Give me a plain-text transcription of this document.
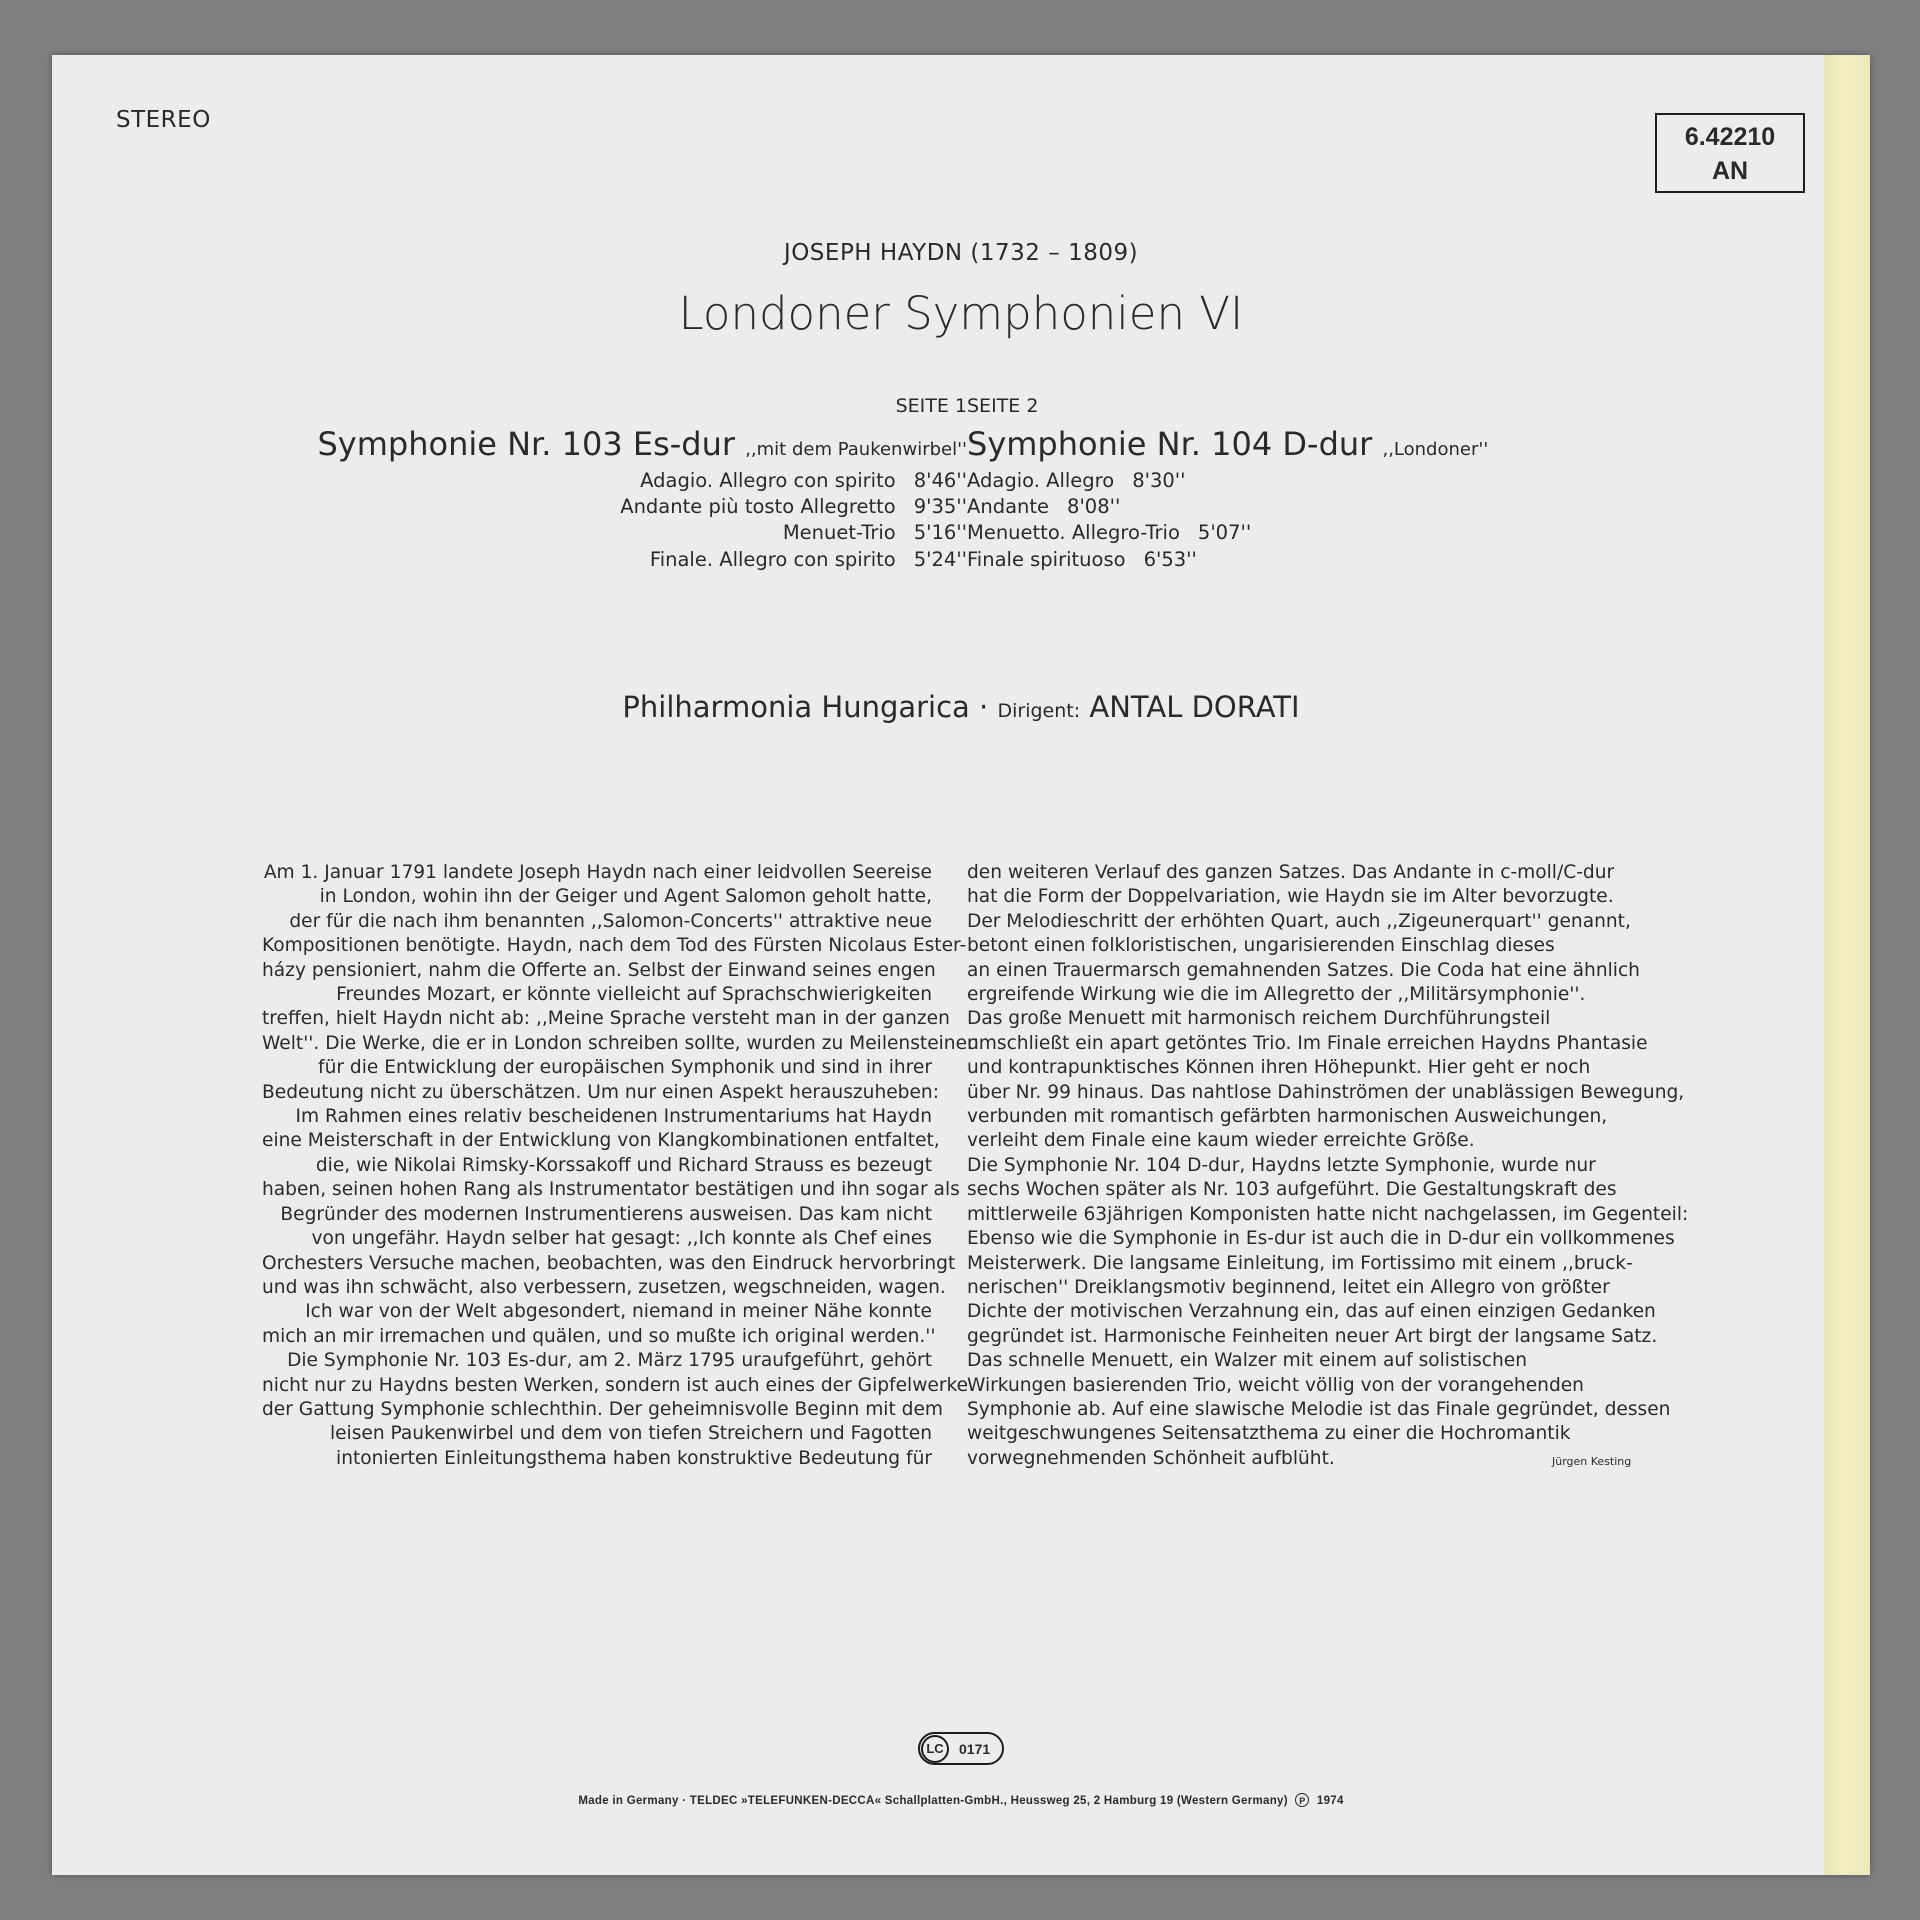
STEREO
6.42210
AN
JOSEPH HAYDN (1732 – 1809)
Londoner Symphonien VI
SEITE 1 SEITE 2
Symphonie Nr. 103 Es-dur ,,mit dem Paukenwirbel'' Symphonie Nr. 104 D-dur ,,Londoner''
Adagio. Allegro con spirito 8'46''
Andante più tosto Allegretto 9'35''
Menuet-Trio 5'16''
Finale. Allegro con spirito 5'24''
Adagio. Allegro 8'30''
Andante 8'08''
Menuetto. Allegro-Trio 5'07''
Finale spirituoso 6'53''
Philharmonia Hungarica · Dirigent: ANTAL DORATI
Am 1. Januar 1791 landete Joseph Haydn nach einer leidvollen Seereise
in London, wohin ihn der Geiger und Agent Salomon geholt hatte,
der für die nach ihm benannten ,,Salomon-Concerts'' attraktive neue
Kompositionen benötigte. Haydn, nach dem Tod des Fürsten Nicolaus Ester-
házy pensioniert, nahm die Offerte an. Selbst der Einwand seines engen
Freundes Mozart, er könnte vielleicht auf Sprachschwierigkeiten
treffen, hielt Haydn nicht ab: ,,Meine Sprache versteht man in der ganzen
Welt''. Die Werke, die er in London schreiben sollte, wurden zu Meilensteinen
für die Entwicklung der europäischen Symphonik und sind in ihrer
Bedeutung nicht zu überschätzen. Um nur einen Aspekt herauszuheben:
Im Rahmen eines relativ bescheidenen Instrumentariums hat Haydn
eine Meisterschaft in der Entwicklung von Klangkombinationen entfaltet,
die, wie Nikolai Rimsky-Korssakoff und Richard Strauss es bezeugt
haben, seinen hohen Rang als Instrumentator bestätigen und ihn sogar als
Begründer des modernen Instrumentierens ausweisen. Das kam nicht
von ungefähr. Haydn selber hat gesagt: ,,Ich konnte als Chef eines
Orchesters Versuche machen, beobachten, was den Eindruck hervorbringt
und was ihn schwächt, also verbessern, zusetzen, wegschneiden, wagen.
Ich war von der Welt abgesondert, niemand in meiner Nähe konnte
mich an mir irremachen und quälen, und so mußte ich original werden.''
Die Symphonie Nr. 103 Es-dur, am 2. März 1795 uraufgeführt, gehört
nicht nur zu Haydns besten Werken, sondern ist auch eines der Gipfelwerke
der Gattung Symphonie schlechthin. Der geheimnisvolle Beginn mit dem
leisen Paukenwirbel und dem von tiefen Streichern und Fagotten
intonierten Einleitungsthema haben konstruktive Bedeutung für
den weiteren Verlauf des ganzen Satzes. Das Andante in c-moll/C-dur
hat die Form der Doppelvariation, wie Haydn sie im Alter bevorzugte.
Der Melodieschritt der erhöhten Quart, auch ,,Zigeunerquart'' genannt,
betont einen folkloristischen, ungarisierenden Einschlag dieses
an einen Trauermarsch gemahnenden Satzes. Die Coda hat eine ähnlich
ergreifende Wirkung wie die im Allegretto der ,,Militärsymphonie''.
Das große Menuett mit harmonisch reichem Durchführungsteil
umschließt ein apart getöntes Trio. Im Finale erreichen Haydns Phantasie
und kontrapunktisches Können ihren Höhepunkt. Hier geht er noch
über Nr. 99 hinaus. Das nahtlose Dahinströmen der unablässigen Bewegung,
verbunden mit romantisch gefärbten harmonischen Ausweichungen,
verleiht dem Finale eine kaum wieder erreichte Größe.
Die Symphonie Nr. 104 D-dur, Haydns letzte Symphonie, wurde nur
sechs Wochen später als Nr. 103 aufgeführt. Die Gestaltungskraft des
mittlerweile 63jährigen Komponisten hatte nicht nachgelassen, im Gegenteil:
Ebenso wie die Symphonie in Es-dur ist auch die in D-dur ein vollkommenes
Meisterwerk. Die langsame Einleitung, im Fortissimo mit einem ,,bruck-
nerischen'' Dreiklangsmotiv beginnend, leitet ein Allegro von größter
Dichte der motivischen Verzahnung ein, das auf einen einzigen Gedanken
gegründet ist. Harmonische Feinheiten neuer Art birgt der langsame Satz.
Das schnelle Menuett, ein Walzer mit einem auf solistischen
Wirkungen basierenden Trio, weicht völlig von der vorangehenden
Symphonie ab. Auf eine slawische Melodie ist das Finale gegründet, dessen
weitgeschwungenes Seitensatzthema zu einer die Hochromantik
vorwegnehmenden Schönheit aufblüht.	Jürgen Kesting
LC	0171
Made in Germany · TELDEC »TELEFUNKEN-DECCA« Schallplatten-GmbH., Heussweg 25, 2 Hamburg 19 (Western Germany) P 1974
